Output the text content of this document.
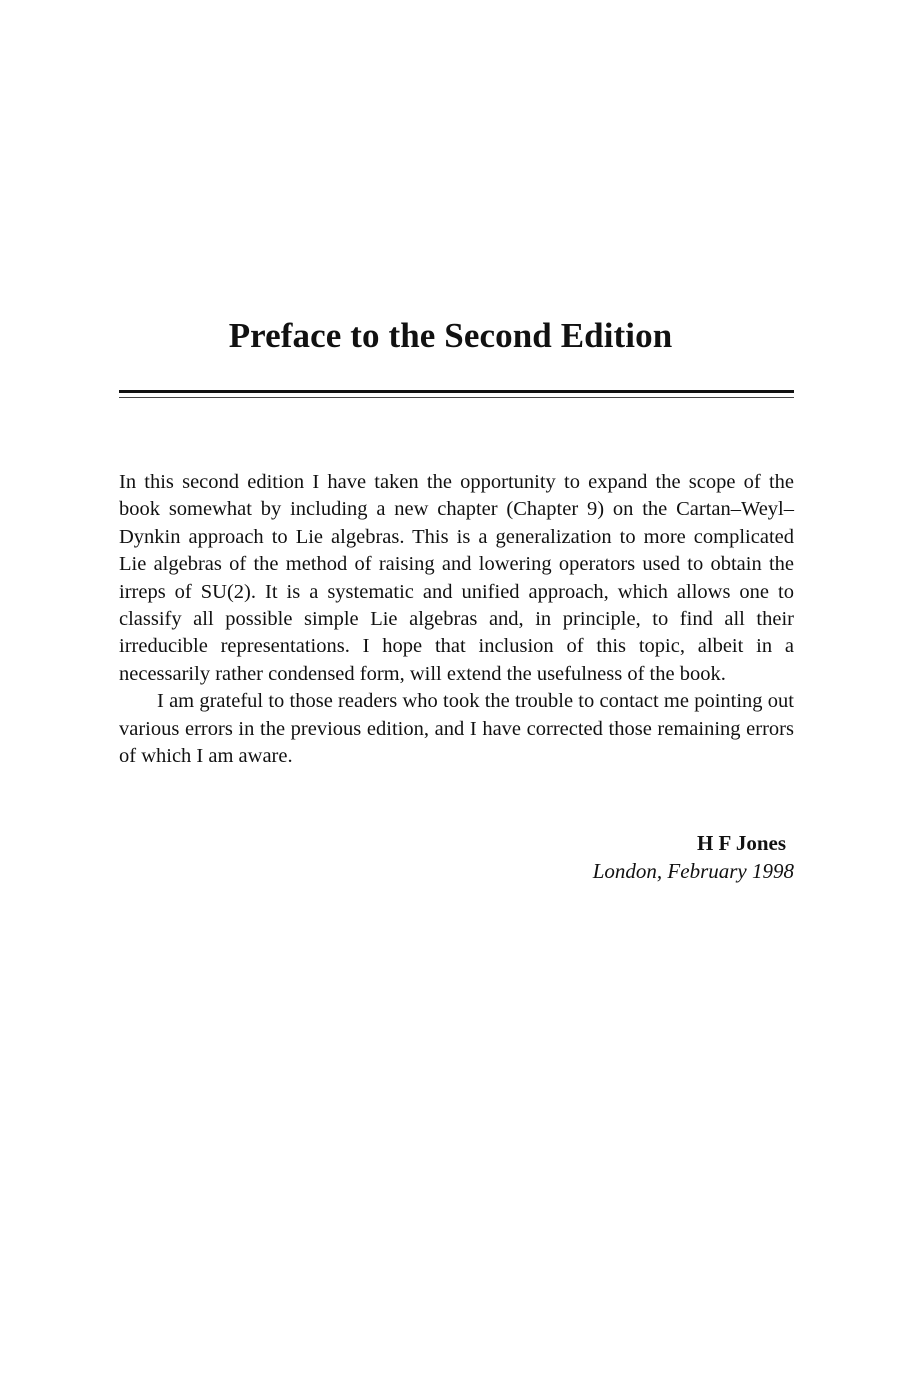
Preface to the Second Edition

In this second edition I have taken the opportunity to expand the scope of the book somewhat by including a new chapter (Chapter 9) on the Cartan–Weyl–Dynkin approach to Lie algebras. This is a generalization to more complicated Lie algebras of the method of raising and lowering operators used to obtain the irreps of SU(2). It is a systematic and unified approach, which allows one to classify all possible simple Lie algebras and, in principle, to find all their irreducible representations. I hope that inclusion of this topic, albeit in a necessarily rather condensed form, will extend the usefulness of the book.

I am grateful to those readers who took the trouble to contact me pointing out various errors in the previous edition, and I have corrected those remaining errors of which I am aware.

H F Jones
London, February 1998
